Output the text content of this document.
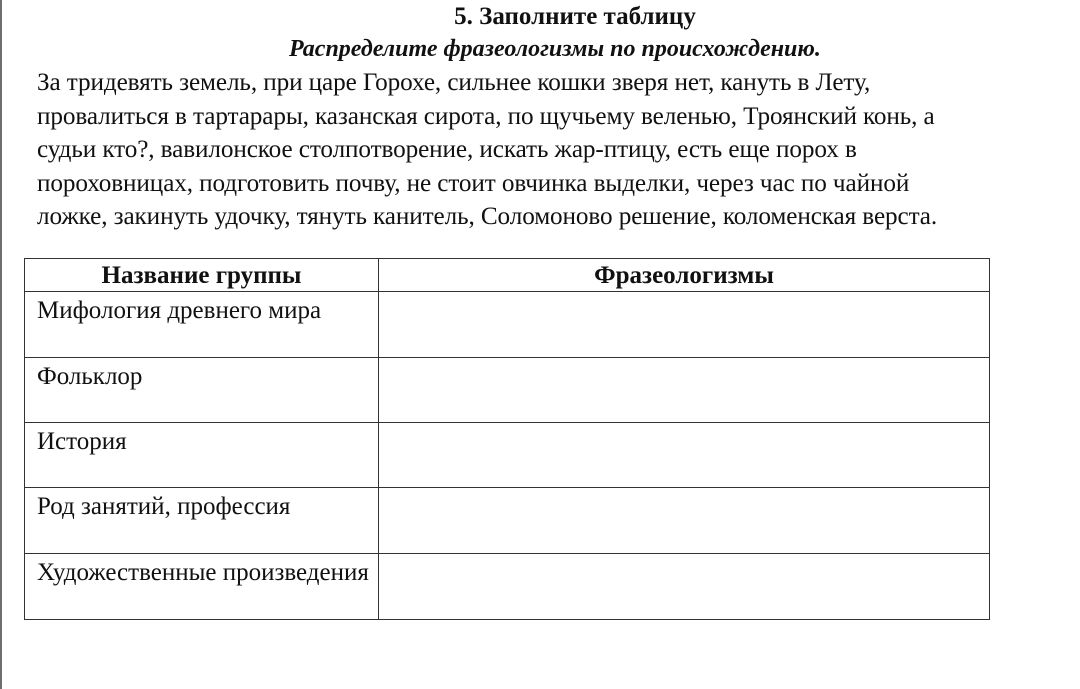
5. Заполните таблицу
Распределите фразеологизмы по происхождению.
За тридевять земель, при царе Горохе, сильнее кошки зверя нет, кануть в Лету,
провалиться в тартарары, казанская сирота, по щучьему веленью, Троянский конь, а
судьи кто?, вавилонское столпотворение, искать жар-птицу, есть еще порох в
пороховницах, подготовить почву, не стоит овчинка выделки, через час по чайной
ложке, закинуть удочку, тянуть канитель, Соломоново решение, коломенская верста.
Название группы	Фразеологизмы
Мифология древнего мира	
Фольклор	
История	
Род занятий, профессия	
Художественные произведения	
